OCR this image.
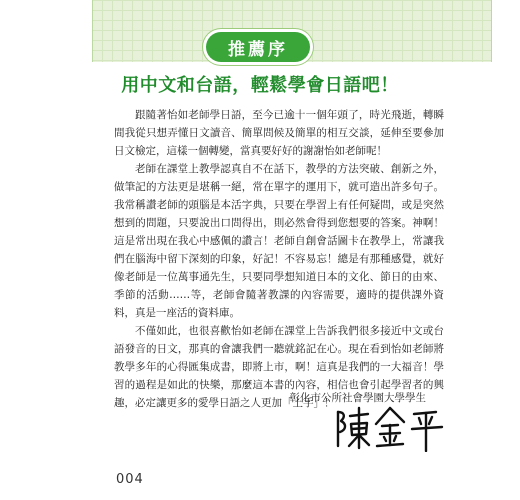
推薦序
用中文和台語，輕鬆學會日語吧！

跟隨著怡如老師學日語，至今已逾十一個年頭了，時光飛逝，轉瞬間我從只想弄懂日文讀音、簡單問候及簡單的相互交談，延伸至要參加日文檢定，這樣一個轉變，當真要好好的謝謝怡如老師呢！

老師在課堂上教學認真自不在話下，教學的方法突破、創新之外，做筆記的方法更是堪稱一絕，常在單字的運用下，就可造出許多句子。我常稱讚老師的頭腦是本活字典，只要在學習上有任何疑問，或是突然想到的問題，只要說出口問得出，則必然會得到您想要的答案。神啊！這是常出現在我心中感佩的讚言！老師自創會話圖卡在教學上，常讓我們在腦海中留下深刻的印象，好記！不容易忘！總是有那種感覺，就好像老師是一位萬事通先生，只要同學想知道日本的文化、節日的由來、季節的活動……等，老師會隨著教課的內容需要，適時的提供課外資料，真是一座活的資料庫。

不僅如此，也很喜歡怡如老師在課堂上告訴我們很多接近中文或台語發音的日文，那真的會讓我們一聽就銘記在心。現在看到怡如老師將教學多年的心得匯集成書，即將上市，啊！這真是我們的一大福音！學習的過程是如此的快樂，那麼這本書的內容，相信也會引起學習者的興趣，必定讓更多的愛學日語之人更加「上手」！

彰化市公所社會學園大學學生
004
